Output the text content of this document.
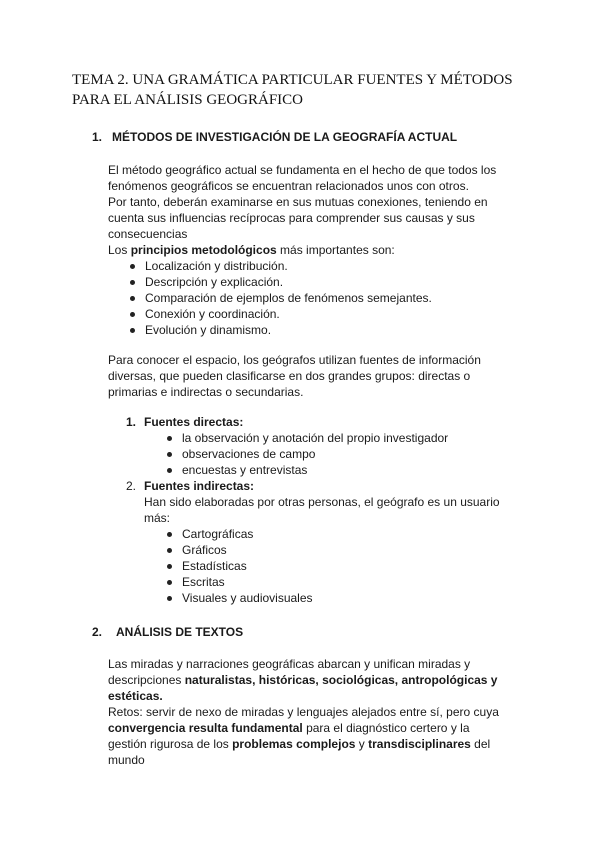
TEMA 2. UNA GRAMÁTICA PARTICULAR FUENTES Y MÉTODOS PARA EL ANÁLISIS GEOGRÁFICO
1. MÉTODOS DE INVESTIGACIÓN DE LA GEOGRAFÍA ACTUAL

El método geográfico actual se fundamenta en el hecho de que todos los fenómenos geográficos se encuentran relacionados unos con otros.

Por tanto, deberán examinarse en sus mutuas conexiones, teniendo en cuenta sus influencias recíprocas para comprender sus causas y sus consecuencias

Los principios metodológicos más importantes son:

Localización y distribución.
Descripción y explicación.
Comparación de ejemplos de fenómenos semejantes.
Conexión y coordinación.
Evolución y dinamismo.

Para conocer el espacio, los geógrafos utilizan fuentes de información diversas, que pueden clasificarse en dos grandes grupos: directas o primarias e indirectas o secundarias.

1. Fuentes directas:
la observación y anotación del propio investigador
observaciones de campo
encuestas y entrevistas
2. Fuentes indirectas:
Han sido elaboradas por otras personas, el geógrafo es un usuario más:
Cartográficas
Gráficos
Estadísticas
Escritas
Visuales y audiovisuales
2. ANÁLISIS DE TEXTOS

Las miradas y narraciones geográficas abarcan y unifican miradas y descripciones naturalistas, históricas, sociológicas, antropológicas y estéticas.

Retos: servir de nexo de miradas y lenguajes alejados entre sí, pero cuya convergencia resulta fundamental para el diagnóstico certero y la gestión rigurosa de los problemas complejos y transdisciplinares del mundo
